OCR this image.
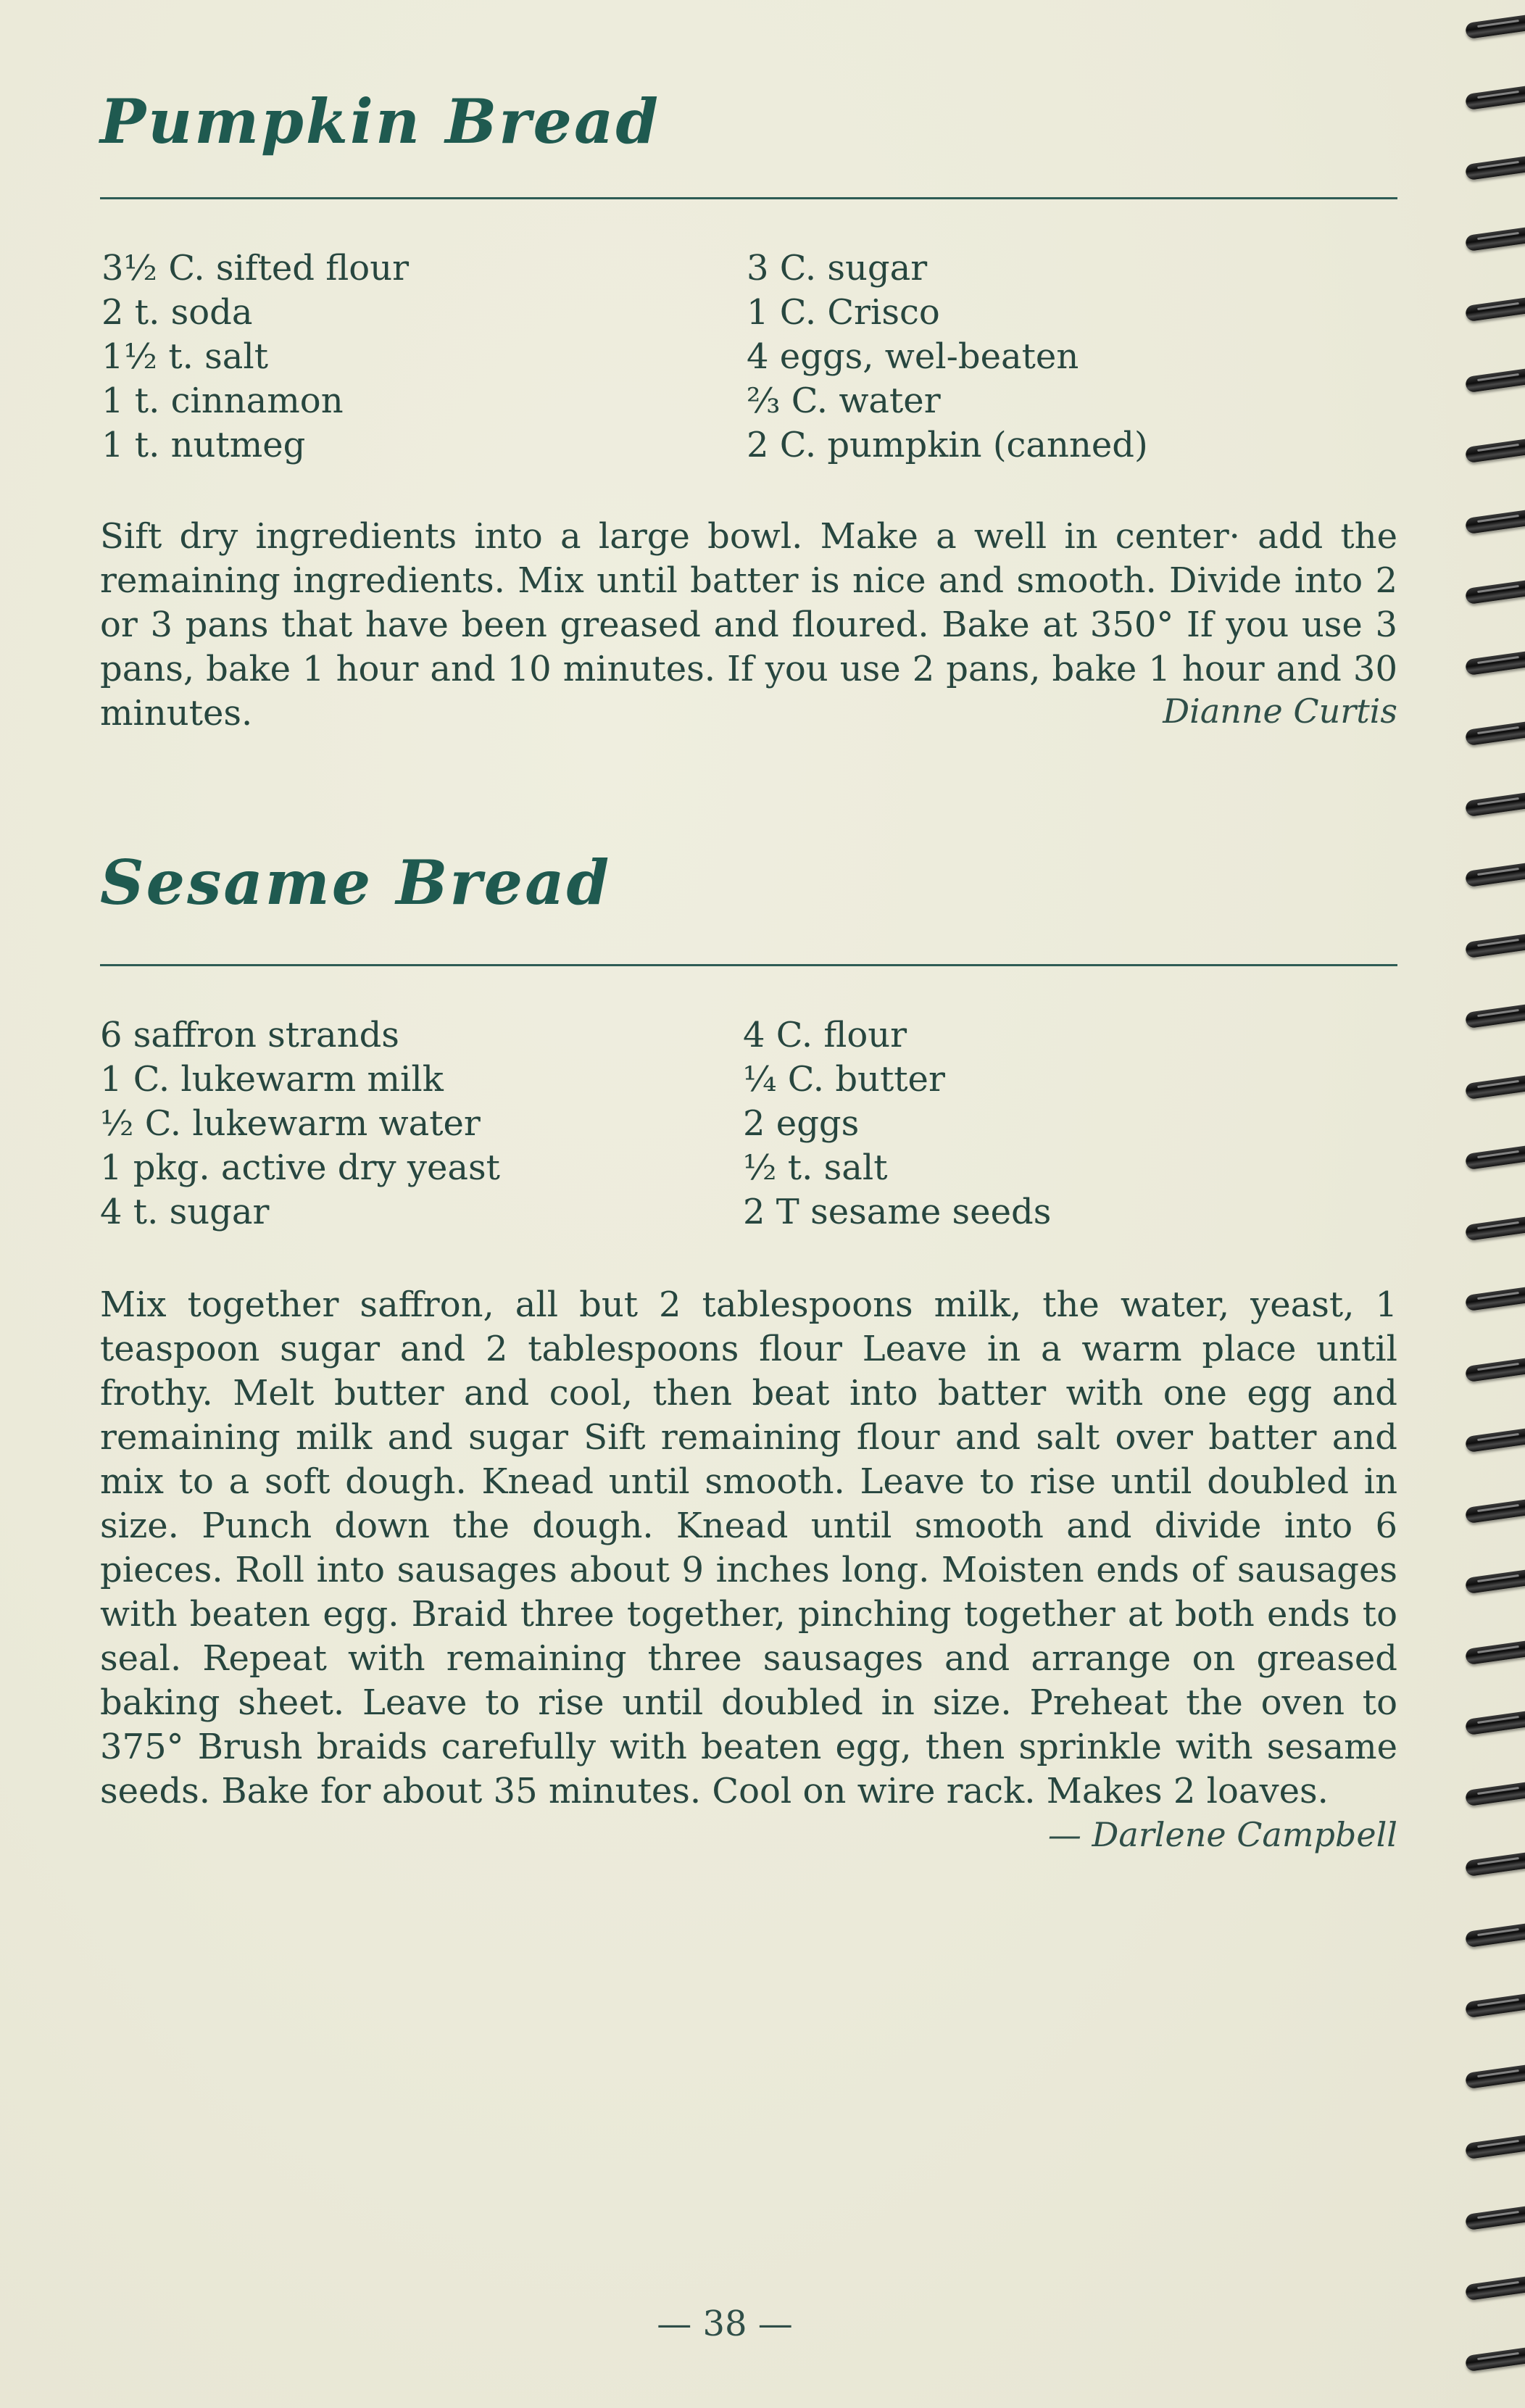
Pumpkin Bread
3½ C. sifted flour
2 t. soda
1½ t. salt
1 t. cinnamon
1 t. nutmeg
3 C. sugar
1 C. Crisco
4 eggs, wel-beaten
⅔ C. water
2 C. pumpkin (canned)

Sift dry ingredients into a large bowl. Make a well in center· add the remaining ingredients. Mix until batter is nice and smooth. Divide into 2 or 3 pans that have been greased and floured. Bake at 350° If you use 3 pans, bake 1 hour and 10 minutes. If you use 2 pans, bake 1 hour and 30 minutes.	Dianne Curtis

Sesame Bread
6 saffron strands
1 C. lukewarm milk
½ C. lukewarm water
1 pkg. active dry yeast
4 t. sugar
4 C. flour
¼ C. butter
2 eggs
½ t. salt
2 T sesame seeds

Mix together saffron, all but 2 tablespoons milk, the water, yeast, 1 teaspoon sugar and 2 tablespoons flour Leave in a warm place until frothy. Melt butter and cool, then beat into batter with one egg and remaining milk and sugar Sift remaining flour and salt over batter and mix to a soft dough. Knead until smooth. Leave to rise until doubled in size. Punch down the dough. Knead until smooth and divide into 6 pieces. Roll into sausages about 9 inches long. Moisten ends of sausages with beaten egg. Braid three together, pinching together at both ends to seal. Repeat with remaining three sausages and arrange on greased baking sheet. Leave to rise until doubled in size. Preheat the oven to 375° Brush braids carefully with beaten egg, then sprinkle with sesame seeds. Bake for about 35 minutes. Cool on wire rack. Makes 2 loaves.

— Darlene Campbell

— 38 —
